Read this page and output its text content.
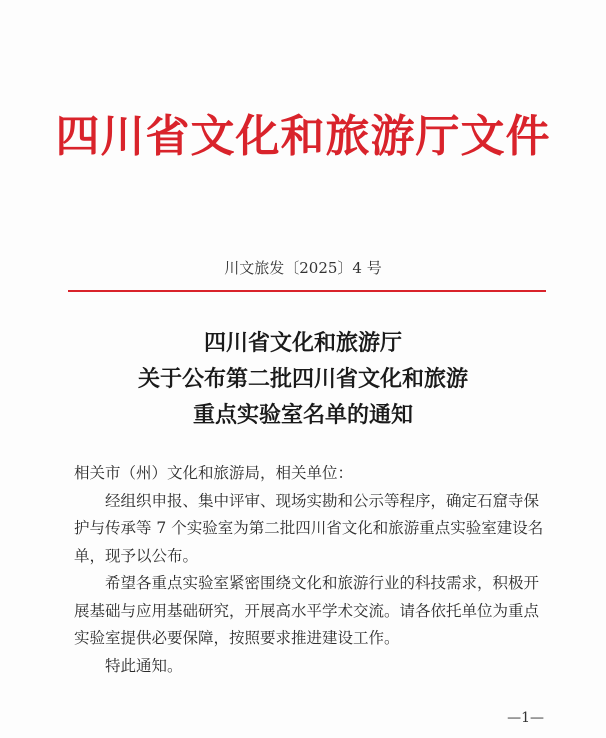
四川省文化和旅游厅文件
川文旅发〔2025〕4 号
四川省文化和旅游厅
关于公布第二批四川省文化和旅游
重点实验室名单的通知

相关市（州）文化和旅游局，相关单位：

经组织申报、集中评审、现场实勘和公示等程序，确定石窟寺保护与传承等 7 个实验室为第二批四川省文化和旅游重点实验室建设名单，现予以公布。

希望各重点实验室紧密围绕文化和旅游行业的科技需求，积极开展基础与应用基础研究，开展高水平学术交流。请各依托单位为重点实验室提供必要保障，按照要求推进建设工作。

特此通知。

—1—
